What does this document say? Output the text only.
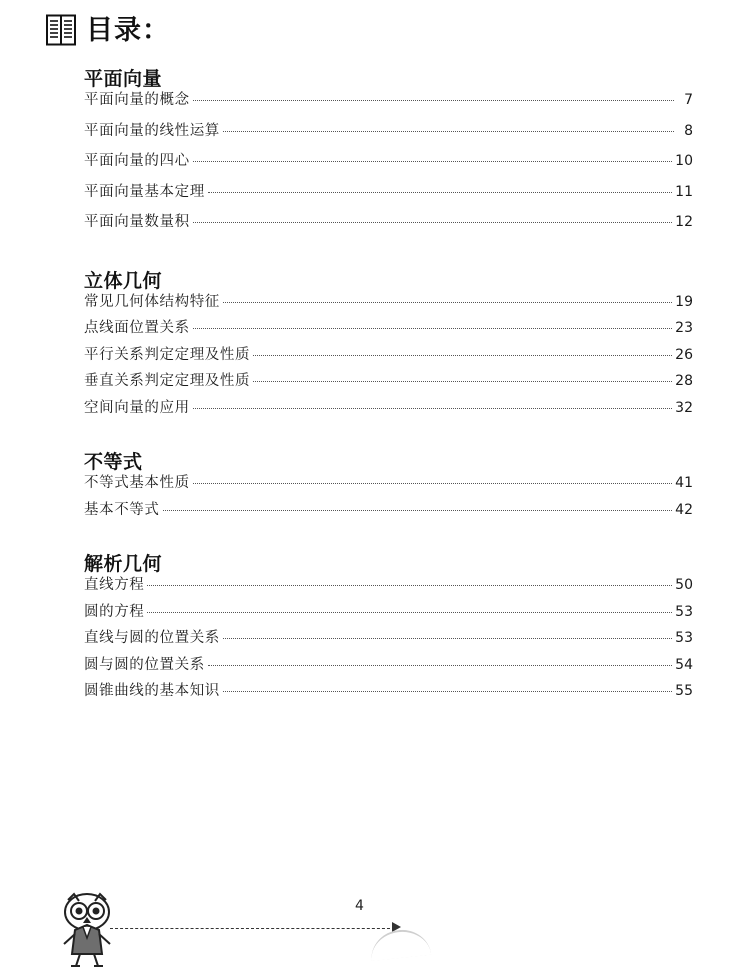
目录：
平面向量
平面向量的概念	7
平面向量的线性运算	8
平面向量的四心	10
平面向量基本定理	11
平面向量数量积	12
立体几何
常见几何体结构特征	19
点线面位置关系	23
平行关系判定定理及性质	26
垂直关系判定定理及性质	28
空间向量的应用	32
不等式
不等式基本性质	41
基本不等式	42
解析几何
直线方程	50
圆的方程	53
直线与圆的位置关系	53
圆与圆的位置关系	54
圆锥曲线的基本知识	55
4
